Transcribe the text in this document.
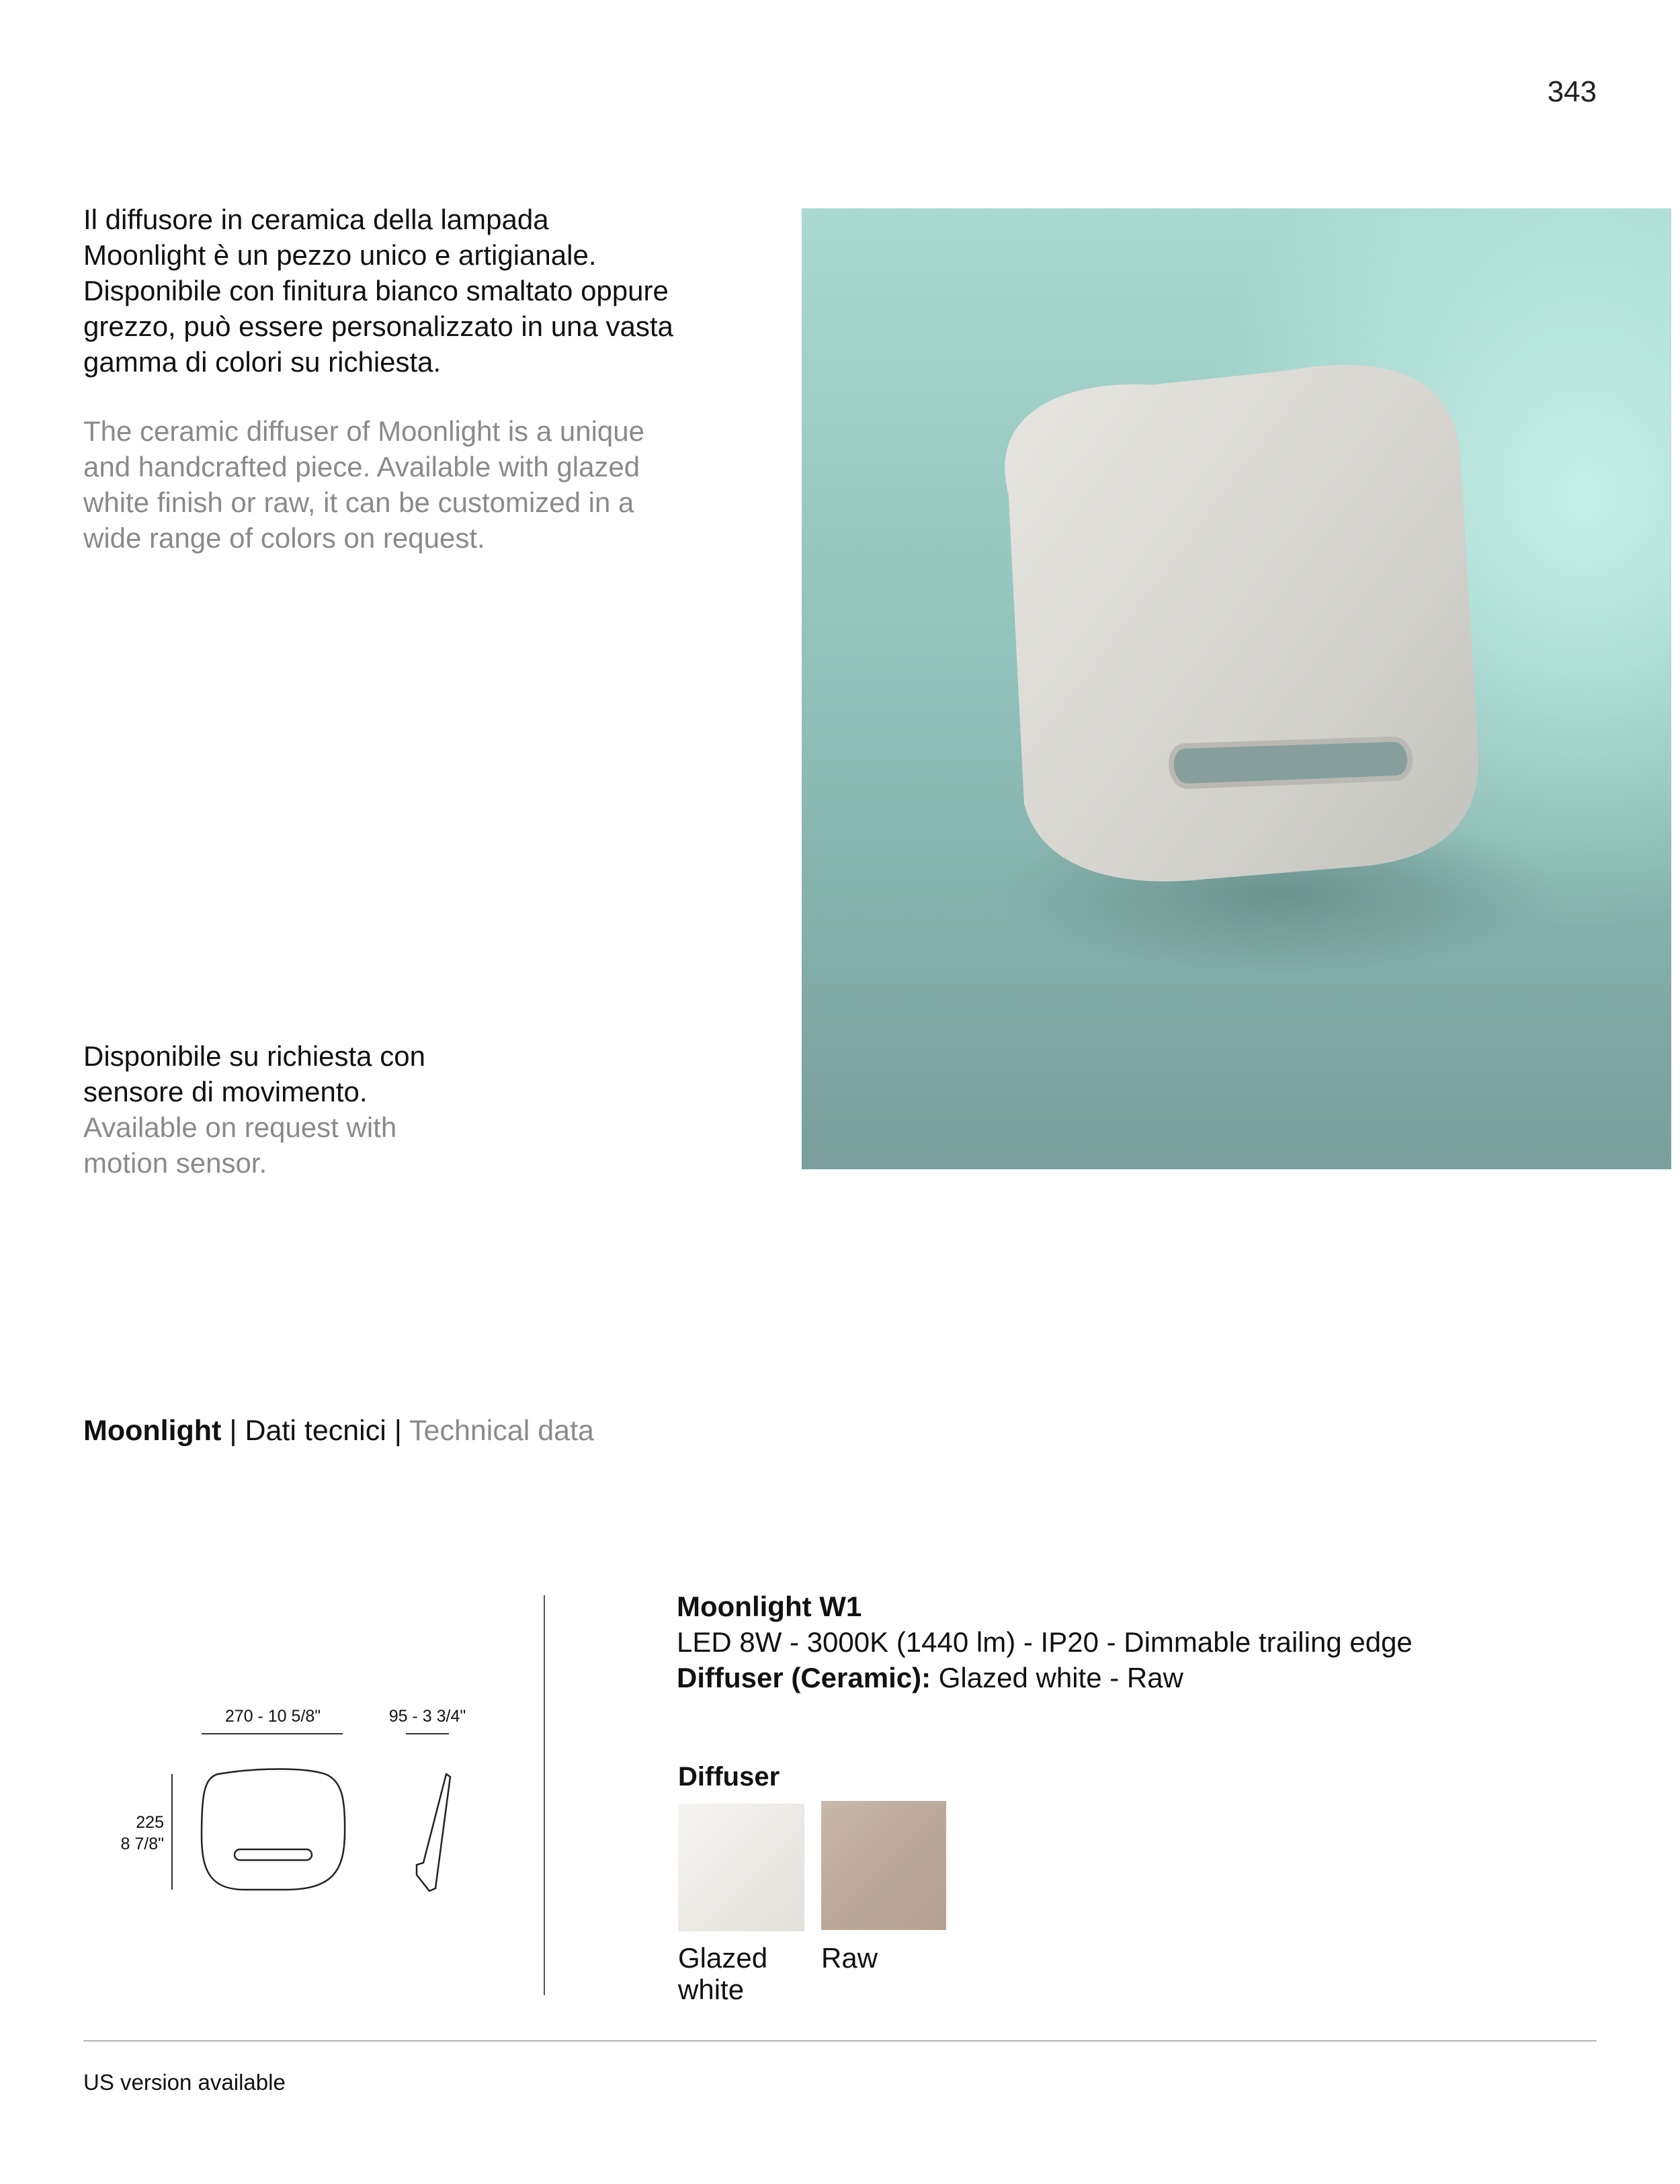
343

Il diffusore in ceramica della lampada
Moonlight è un pezzo unico e artigianale.
Disponibile con finitura bianco smaltato oppure
grezzo, può essere personalizzato in una vasta
gamma di colori su richiesta.

The ceramic diffuser of Moonlight is a unique
and handcrafted piece. Available with glazed
white finish or raw, it can be customized in a
wide range of colors on request.

Disponibile su richiesta con
sensore di movimento.
Available on request with
motion sensor.

Moonlight | Dati tecnici | Technical data
270 - 10 5/8"	95 - 3 3/4"
225
8 7/8"
Moonlight W1
LED 8W - 3000K (1440 lm) - IP20 - Dimmable trailing edge
Diffuser (Ceramic): Glazed white - Raw
Diffuser
Glazed
white
Raw
US version available
